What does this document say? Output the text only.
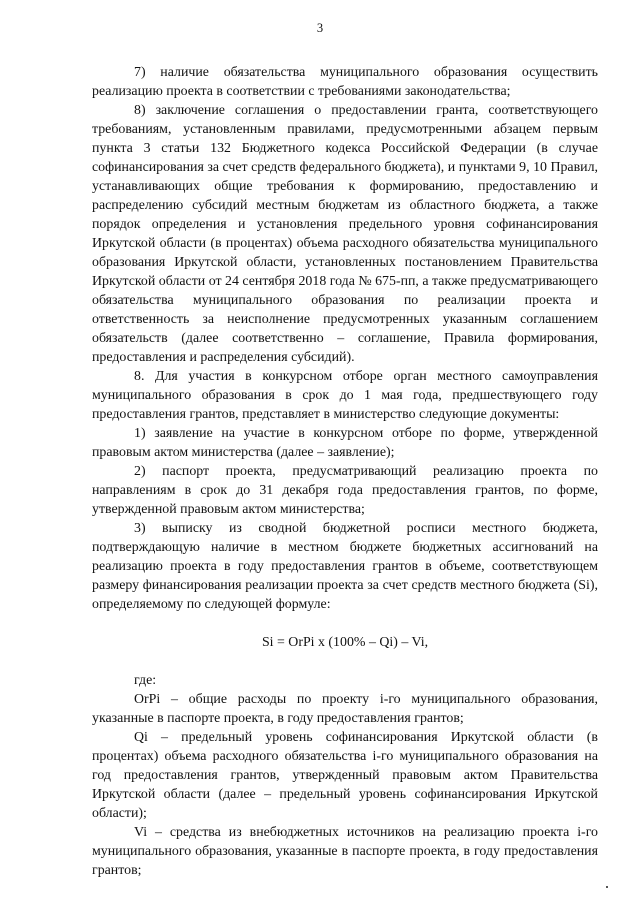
3

7) наличие обязательства муниципального образования осуществить реализацию проекта в соответствии с требованиями законодательства;

8) заключение соглашения о предоставлении гранта, соответствующего требованиям, установленным правилами, предусмотренными абзацем первым пункта 3 статьи 132 Бюджетного кодекса Российской Федерации (в случае софинансирования за счет средств федерального бюджета), и пунктами 9, 10 Правил, устанавливающих общие требования к формированию, предоставлению и распределению субсидий местным бюджетам из областного бюджета, а также порядок определения и установления предельного уровня софинансирования Иркутской области (в процентах) объема расходного обязательства муниципального образования Иркутской области, установленных постановлением Правительства Иркутской области от 24 сентября 2018 года № 675-пп, а также предусматривающего обязательства муниципального образования по реализации проекта и ответственность за неисполнение предусмотренных указанным соглашением обязательств (далее соответственно – соглашение, Правила формирования, предоставления и распределения субсидий).

8. Для участия в конкурсном отборе орган местного самоуправления муниципального образования в срок до 1 мая года, предшествующего году предоставления грантов, представляет в министерство следующие документы:

1) заявление на участие в конкурсном отборе по форме, утвержденной правовым актом министерства (далее – заявление);

2) паспорт проекта, предусматривающий реализацию проекта по направлениям в срок до 31 декабря года предоставления грантов, по форме, утвержденной правовым актом министерства;

3) выписку из сводной бюджетной росписи местного бюджета, подтверждающую наличие в местном бюджете бюджетных ассигнований на реализацию проекта в году предоставления грантов в объеме, соответствующем размеру финансирования реализации проекта за счет средств местного бюджета (Si), определяемому по следующей формуле:

Si = OrPi x (100% – Qi) – Vi,

где:

OrPi – общие расходы по проекту i-го муниципального образования, указанные в паспорте проекта, в году предоставления грантов;

Qi – предельный уровень софинансирования Иркутской области (в процентах) объема расходного обязательства i-го муниципального образования на год предоставления грантов, утвержденный правовым актом Правительства Иркутской области (далее – предельный уровень софинансирования Иркутской области);

Vi – средства из внебюджетных источников на реализацию проекта i-го муниципального образования, указанные в паспорте проекта, в году предоставления грантов;
